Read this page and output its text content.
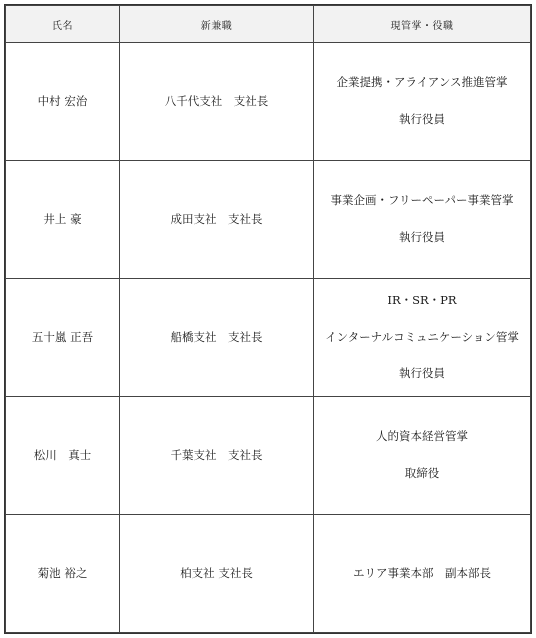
氏名	新兼職	現管掌・役職
中村 宏治	八千代支社　支社長	企業提携・アライアンス推進管掌
執行役員

井上 豪	成田支社　支社長	事業企画・フリーペーパー事業管掌
執行役員

五十嵐 正吾	船橋支社　支社長	IR・SR・PR
インターナルコミュニケーション管掌
執行役員

松川　真士	千葉支社　支社長	人的資本経営管掌
取締役

菊池 裕之	柏支社 支社長	エリア事業本部　副本部長
